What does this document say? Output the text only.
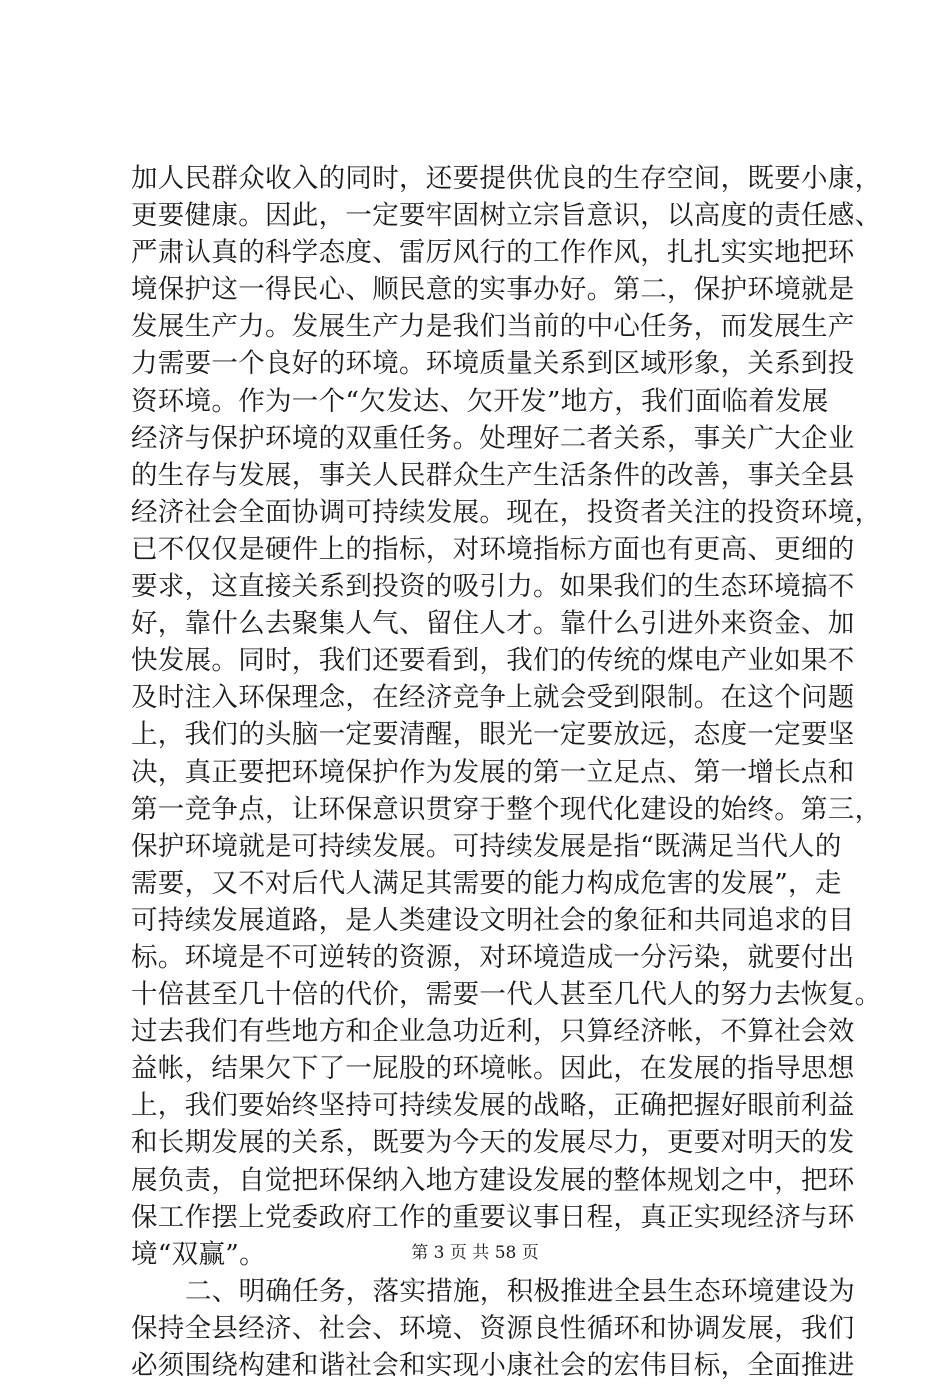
加人民群众收入的同时，还要提供优良的生存空间，既要小康，
更要健康。因此，一定要牢固树立宗旨意识，以高度的责任感、
严肃认真的科学态度、雷厉风行的工作作风，扎扎实实地把环
境保护这一得民心、顺民意的实事办好。第二，保护环境就是
发展生产力。发展生产力是我们当前的中心任务，而发展生产
力需要一个良好的环境。环境质量关系到区域形象，关系到投
资环境。作为一个“欠发达、欠开发”地方，我们面临着发展
经济与保护环境的双重任务。处理好二者关系，事关广大企业
的生存与发展，事关人民群众生产生活条件的改善，事关全县
经济社会全面协调可持续发展。现在，投资者关注的投资环境，
已不仅仅是硬件上的指标，对环境指标方面也有更高、更细的
要求，这直接关系到投资的吸引力。如果我们的生态环境搞不
好，靠什么去聚集人气、留住人才。靠什么引进外来资金、加
快发展。同时，我们还要看到，我们的传统的煤电产业如果不
及时注入环保理念，在经济竞争上就会受到限制。在这个问题
上，我们的头脑一定要清醒，眼光一定要放远，态度一定要坚
决，真正要把环境保护作为发展的第一立足点、第一增长点和
第一竞争点，让环保意识贯穿于整个现代化建设的始终。第三，
保护环境就是可持续发展。可持续发展是指“既满足当代人的
需要，又不对后代人满足其需要的能力构成危害的发展”，走
可持续发展道路，是人类建设文明社会的象征和共同追求的目
标。环境是不可逆转的资源，对环境造成一分污染，就要付出
十倍甚至几十倍的代价，需要一代人甚至几代人的努力去恢复。
过去我们有些地方和企业急功近利，只算经济帐，不算社会效
益帐，结果欠下了一屁股的环境帐。因此，在发展的指导思想
上，我们要始终坚持可持续发展的战略，正确把握好眼前利益
和长期发展的关系，既要为今天的发展尽力，更要对明天的发
展负责，自觉把环保纳入地方建设发展的整体规划之中，把环
保工作摆上党委政府工作的重要议事日程，真正实现经济与环
境“双赢”。
二、明确任务，落实措施，积极推进全县生态环境建设为
保持全县经济、社会、环境、资源良性循环和协调发展，我们
必须围绕构建和谐社会和实现小康社会的宏伟目标，全面推进
第 3 页 共 58 页
